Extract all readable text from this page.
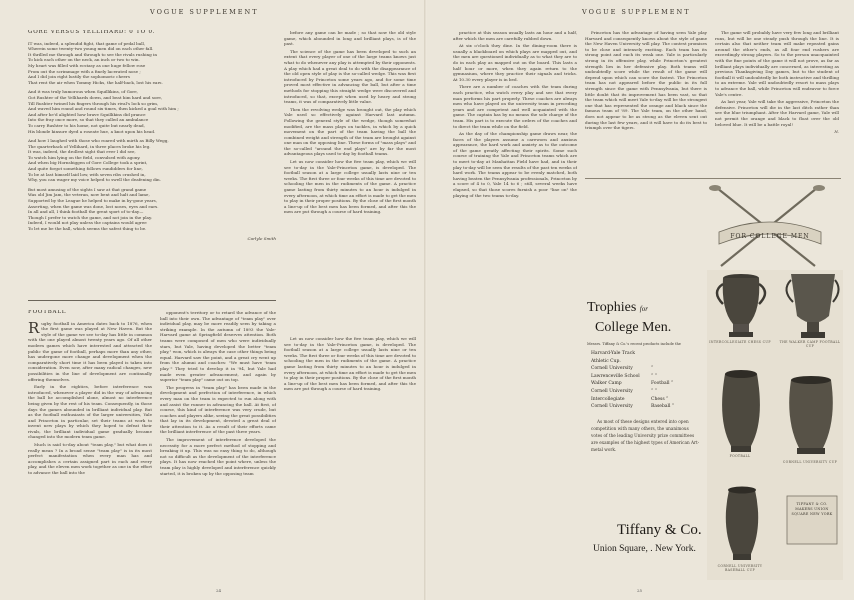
VOGUE SUPPLEMENT
GORE VERSUS YELLIHARD: 0 TO 0.

IT was, indeed, a splendid fight, that game of pedal ball,
Wherein some twenty-two young men did on each other fall.
It thrilled me through and through to see the rivals rushing in
To kick each other on the neck, an inch or two to win.
My heart was filled with ecstasy as one huge fellow rose
From out the scrimmage with a finely lacerated nose ;
And I did join right lustily the sophomoric cheers
That rent the air when Tommy Hicks, the half-back, lost his ears.

And it was truly humorous when Squillikins, of Gore,
Got Rushter of the Yellihards down, and beat him hard and sore,
Till Rushter twined his fingers through his rival's lock so grim,
And waved him round and round six times, then kicked a goal with him ;
And after he'd alighted how brave Squillikins did prance
Into the fray once more, so that they called an ambulance
To carry Rushter to his home, not quite but nearly dead,
His blonde kinsure dyed a roseate hue, a knot upon his head.

And how I laughed with those who roared with mirth as Billy Wegg,
The quarterback of Yellihard, in three places broke his leg.
It was, indeed, the drollest sight that ever I did see,
To watch him lying on the field, convulsed with agony.
And when big Hornsbiggen of Gore College took a sprint,
And quite forgot something follows rundidders for line,
To be at last himself laid low, with seven ribs crushed in,
Why, you can wager my voice helped to swell the deafening din.

But most amusing of the sights I saw at that grand game
Was old Jim Jam, the veteran, now bent and halt and lame,
Supported by the League he helped to make in by-gone years,
Asserting, when the game was done, lost noses, eyes and ears.
In all and all, I think football the great sport of to-day—
Though I prefer to watch the game, and not join in the play.
Indeed, I would not play unless the captains would agree
To let me be the ball, which seems the safest thing to be.

Carlyle Smith

before any game can be made ; so that now the old style game, which abounded in long and brilliant plays, is of the past.

The science of the game has been developed to such an extent that every player of one of the large teams knows just what to do whenever any play is attempted by their opponents. A play which had a great deal to do with the disappearance of the old open style of play is the so-called wedge. This was first introduced by Princeton some years ago, and for some time proved most effective in advancing the ball, but after a time methods for stopping this straight wedge were discovered and introduced, so that, except when used by heavy and strong teams, it was of comparatively little value.

Then the revolving wedge was brought out, the play which Yale used so effectively against Harvard last autumn. Following the general style of the wedge, though somewhat modified, are the mass plays on tackles, in which by a quick movement on the part of the team having the ball the combined weight and strength of the team are brought against one man on the opposing line. These forms of "mass plays" and the so-called "around the end plays" are by far the most advantageous plays used to-day by football teams.

Let us now consider how the five team play, which we will see to-day in the Yale-Princeton game, is developed. The football season at a large college usually lasts nine or ten weeks. The first three or four weeks of this time are devoted to schooling the men in the rudiments of the game. A practice game lasting from thirty minutes to an hour is indulged in every afternoon, at which time an effort is made to get the men to play in their proper positions. By the close of the first month a line-up of the best men has been formed, and after this the men are put through a course of hard training.

FOOTBALL

Rugby football in America dates back to 1876, when the first game was played at New Haven. But the style of the game we see to-day has little in common with the one played almost twenty years ago. Of all other modern games which have interested and attracted the public the game of football, perhaps more than any other, has undergone more change and development when the comparatively short time it has been played is taken into consideration. Even now, after many radical changes, new possibilities in the line of development are continually offering themselves.

Early in the eighties, before interference was introduced, whenever a player did in the way of advancing the ball he accomplished alone, almost no interference being given by the rest of his team. Consequently, in those days the games abounded in brilliant individual play. But as the football enthusiasts of the larger universities, Yale and Princeton in particular, set their teams at work to invent new plays by which they hoped to defeat their rivals, the brilliant individual game gradually became changed into the modern team game.

Much is said to-day about "team play," but what does it really mean ? In a broad sense "team play" is in its most perfect manifestation when every man has and accomplishes a certain assigned part in each and every play, and the eleven men work together as one in the effort to advance the ball into the

opponent's territory or to retard the advance of the ball into their own. The advantage of "team play" over individual play, may be more readily seen by taking a striking example. In the autumn of 1893 the Yale-Harvard game at Springfield deserves attention. Both teams were composed of men who were individually stars, but Yale, having developed the better "team play," won, which is always the case other things being equal. Harvard saw the point, and a great cry went up from the alumni and coaches: "We must have 'team play.'" They tried to develop it in '94, but Yale had made even greater advancement, and again by superior "team play" came out on top.

The progress in "team play" has been made in the development and perfection of interference, in which every man on the team is expected to run along with and assist the runner in advancing the ball. At first, of course, this kind of interference was very crude, but coaches and players alike, seeing the great possibilities that lay in its development, devoted a great deal of their attention to it. As a result of their efforts came the brilliant interference of the past three years.

The improvement of interference developed the necessity for a more perfect method of stopping and breaking it up. This was no easy thing to do, although not so difficult as the development of the interference plays. It has now reached the point where, unless the team play is highly developed and interference quickly started, it is broken up by the opposing team

Let us now consider how the five team play, which we will see to-day in the Yale-Princeton game, is developed. The football season at a large college usually lasts nine or ten weeks. The first three or four weeks of this time are devoted to schooling the men in the rudiments of the game. A practice game lasting from thirty minutes to an hour is indulged in every afternoon, at which time an effort is made to get the men to play in their proper positions. By the close of the first month a line-up of the best men has been formed, and after this the men are put through a course of hard training.

24
VOGUE SUPPLEMENT

practice at this season usually lasts an hour and a half, after which the men are carefully rubbed down.

At six o'clock they dine. In the dining-room there is usually a blackboard on which plays are mapped out, and the men are questioned individually as to what they are to do in each play as mapped out on the board. This lasts a half hour or more, when they again return to the gymnasium, where they practice their signals and tricks. At 10.30 every player is in bed.

There are a number of coaches with the team during each practice, who watch every play and see that every man performs his part properly. These coaches are always men who have played on the university team in preceding years and are competent and well acquainted with the game. The captain has by no means the sole charge of the team. His part is to execute the orders of the coaches and to direct the team while on the field.

As the day of the championship game draws near, the faces of the players assume a careworn and anxious appearance, the hard work and anxiety as to the outcome of the game greatly affecting their spirits. Some such course of training the Yale and Princeton teams which are to meet to-day at Manhattan Field have had, and in their play to-day will be seen the results of the past ten weeks of hard work. The teams appear to be evenly matched, both having beaten the Pennsylvania professionals, Princeton by a score of 4 to 0, Yale 14 to 6 ; still, several weeks have elapsed, so that those scores furnish a poor "line on" the playing of the two teams to-day.

Princeton has the advantage of having seen Yale play Harvard and consequently knows about the style of game the New Haven University will play. The contest promises to be close and intensely exciting. Each team has its strong point and each its weak one. Yale is particularly strong in its offensive play, while Princeton's greatest strength lies in her defensive play. Both teams will undoubtedly score while the result of the game will depend upon which can score the fastest. The Princeton team has not appeared before the public in its full strength since the game with Pennsylvania, but there is little doubt that its improvement has been vast, so that the team which will meet Yale to-day will be the strongest one that has represented the orange and black since the famous team of '89. The Yale team, on the other hand, does not appear to be as strong as the eleven sent out during the last few years, and it will have to do its best to triumph over the tigers.

The game will probably have very few long and brilliant runs, but will be one steady push through the line. It is certain also that neither team will make repeated gains around the other's ends, as all four end rushers are exceedingly strong players. So to the person unacquainted with the fine points of the game it will not prove, as far as brilliant plays individually are concerned, as interesting as previous Thanksgiving Day games, but to the student of football it will undoubtedly be both instructive and thrilling to an extreme. Yale will undoubtedly resort to mass plays to advance the ball, while Princeton will endeavor to force Yale's centre.

As last year, Yale will take the aggressive, Princeton the defensive. Princeton will die in the last ditch rather than see the blue triumphant. After the Harvard game, Yale will not permit the orange and black to float over the old beloved blue. It will be a battle royal!

N.
FOR COLLEGE MEN
Trophies for
College Men.
Messrs. Tiffany & Co.'s recent products include the
Harvard-Yale Track Athletic Cup.
Cornell University	“
Lawrenceville School	“ “
Walker Camp	Football “
Cornell University	“ “
Intercollegiate	Chess “
Cornell University	Baseball “

As most of these designs entered into open competition with many others, the unanimous votes of the leading University prize committees are examples of the highest types of American Art-metal work.

Tiffany & Co.
Union Square, . New York.
INTERCOLLEGIATE CHESS CUP	THE WALKER CAMP FOOTBALL CUP
FOOTBALL
CORNELL UNIVERSITY CUP
CORNELL UNIVERSITY BASEBALL CUP
TIFFANY & CO. MAKERS UNION SQUARE NEW YORK
25
